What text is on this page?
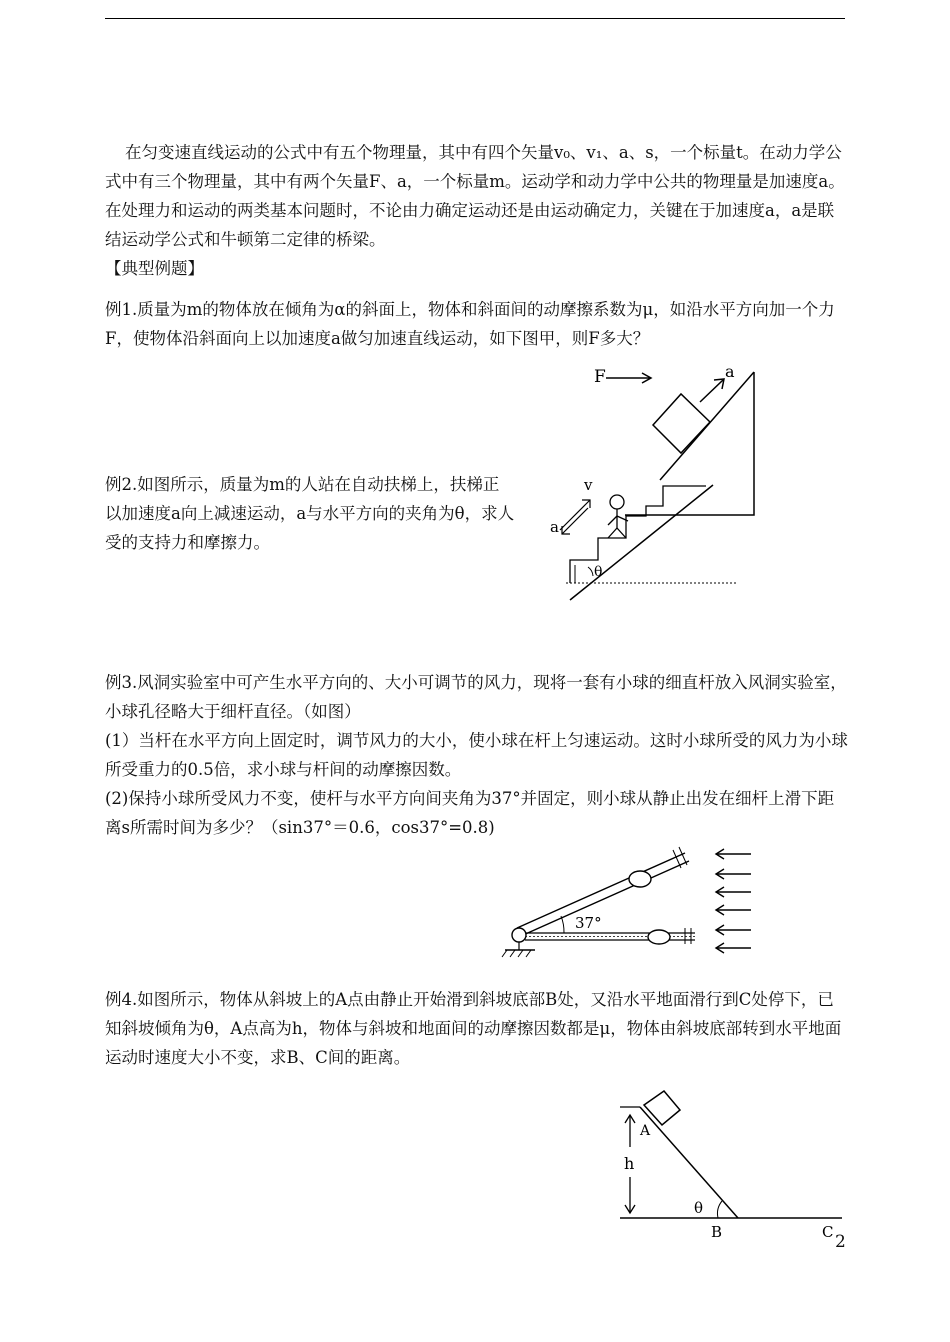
在匀变速直线运动的公式中有五个物理量，其中有四个矢量v₀、v₁、a、s，一个标量t。在动力学公式中有三个物理量，其中有两个矢量F、a，一个标量m。运动学和动力学中公共的物理量是加速度a。在处理力和运动的两类基本问题时，不论由力确定运动还是由运动确定力，关键在于加速度a，a是联结运动学公式和牛顿第二定律的桥梁。
【典型例题】
例1.质量为m的物体放在倾角为α的斜面上，物体和斜面间的动摩擦系数为μ，如沿水平方向加一个力F，使物体沿斜面向上以加速度a做匀加速直线运动，如下图甲，则F多大？
F	a
例2.如图所示，质量为m的人站在自动扶梯上，扶梯正以加速度a向上减速运动，a与水平方向的夹角为θ，求人受的支持力和摩擦力。
θ
v
a
例3.风洞实验室中可产生水平方向的、大小可调节的风力，现将一套有小球的细直杆放入风洞实验室，小球孔径略大于细杆直径。（如图）
(1）当杆在水平方向上固定时，调节风力的大小，使小球在杆上匀速运动。这时小球所受的风力为小球所受重力的0.5倍，求小球与杆间的动摩擦因数。
(2)保持小球所受风力不变，使杆与水平方向间夹角为37°并固定，则小球从静止出发在细杆上滑下距离s所需时间为多少？（sin37°＝0.6，cos37°=0.8)
37°
例4.如图所示，物体从斜坡上的A点由静止开始滑到斜坡底部B处，又沿水平地面滑行到C处停下，已知斜坡倾角为θ，A点高为h，物体与斜坡和地面间的动摩擦因数都是μ，物体由斜坡底部转到水平地面运动时速度大小不变，求B、C间的距离。
A
h
θ
B	C 2
